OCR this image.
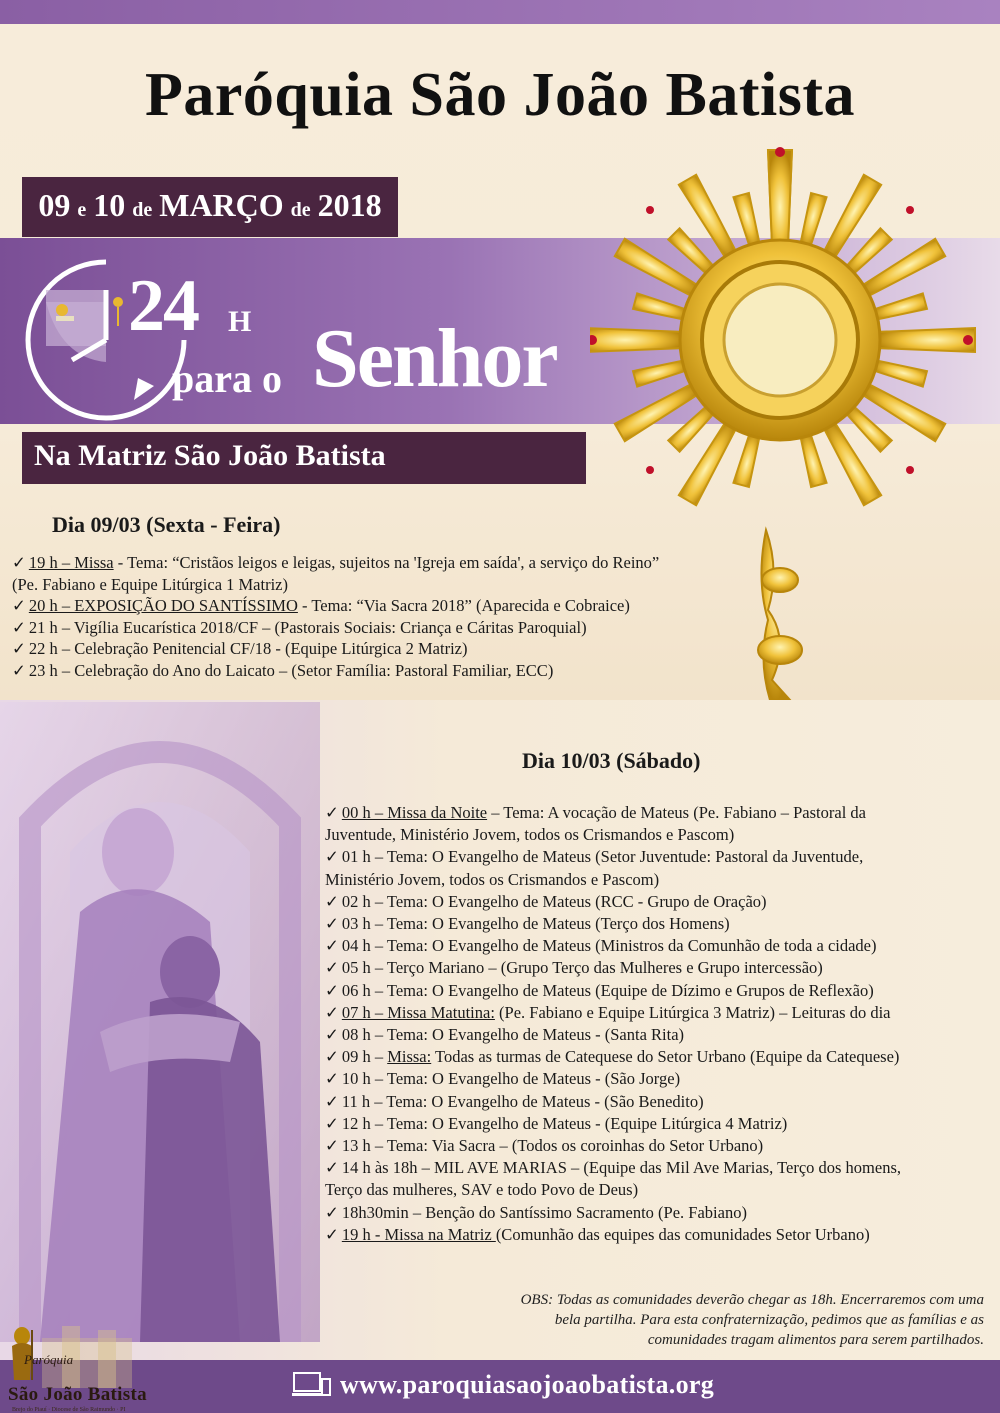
Paróquia São João Batista
09 e 10 de MARÇO de 2018
24 H
para o Senhor
Na Matriz São João Batista
Dia 09/03 (Sexta - Feira)
✓ 19 h – Missa - Tema: “Cristãos leigos e leigas, sujeitos na 'Igreja em saída', a serviço do Reino”
(Pe. Fabiano e Equipe Litúrgica 1 Matriz)
✓ 20 h – EXPOSIÇÃO DO SANTÍSSIMO - Tema: “Via Sacra 2018” (Aparecida e Cobraice)
✓ 21 h – Vigília Eucarística 2018/CF – (Pastorais Sociais: Criança e Cáritas Paroquial)
✓ 22 h – Celebração Penitencial CF/18 - (Equipe Litúrgica 2 Matriz)
✓ 23 h – Celebração do Ano do Laicato – (Setor Família: Pastoral Familiar, ECC)
Dia 10/03 (Sábado)
✓ 00 h – Missa da Noite – Tema: A vocação de Mateus (Pe. Fabiano – Pastoral da
Juventude, Ministério Jovem, todos os Crismandos e Pascom)
✓ 01 h – Tema: O Evangelho de Mateus (Setor Juventude: Pastoral da Juventude,
Ministério Jovem, todos os Crismandos e Pascom)
✓ 02 h – Tema: O Evangelho de Mateus (RCC - Grupo de Oração)
✓ 03 h – Tema: O Evangelho de Mateus (Terço dos Homens)
✓ 04 h – Tema: O Evangelho de Mateus (Ministros da Comunhão de toda a cidade)
✓ 05 h – Terço Mariano – (Grupo Terço das Mulheres e Grupo intercessão)
✓ 06 h – Tema: O Evangelho de Mateus (Equipe de Dízimo e Grupos de Reflexão)
✓ 07 h – Missa Matutina: (Pe. Fabiano e Equipe Litúrgica 3 Matriz) – Leituras do dia
✓ 08 h – Tema: O Evangelho de Mateus - (Santa Rita)
✓ 09 h – Missa: Todas as turmas de Catequese do Setor Urbano (Equipe da Catequese)
✓ 10 h – Tema: O Evangelho de Mateus - (São Jorge)
✓ 11 h – Tema: O Evangelho de Mateus - (São Benedito)
✓ 12 h – Tema: O Evangelho de Mateus - (Equipe Litúrgica 4 Matriz)
✓ 13 h – Tema: Via Sacra – (Todos os coroinhas do Setor Urbano)
✓ 14 h às 18h – MIL AVE MARIAS – (Equipe das Mil Ave Marias, Terço dos homens,
Terço das mulheres, SAV e todo Povo de Deus)
✓ 18h30min – Benção do Santíssimo Sacramento (Pe. Fabiano)
✓ 19 h - Missa na Matriz (Comunhão das equipes das comunidades Setor Urbano)
OBS: Todas as comunidades deverão chegar as 18h. Encerraremos com uma
bela partilha. Para esta confraternização, pedimos que as famílias e as
comunidades tragam alimentos para serem partilhados.
Paróquia
Brejo do Piauí · Diocese de São Raimundo · PI
São João Batista	www.paroquiasaojoaobatista.org
